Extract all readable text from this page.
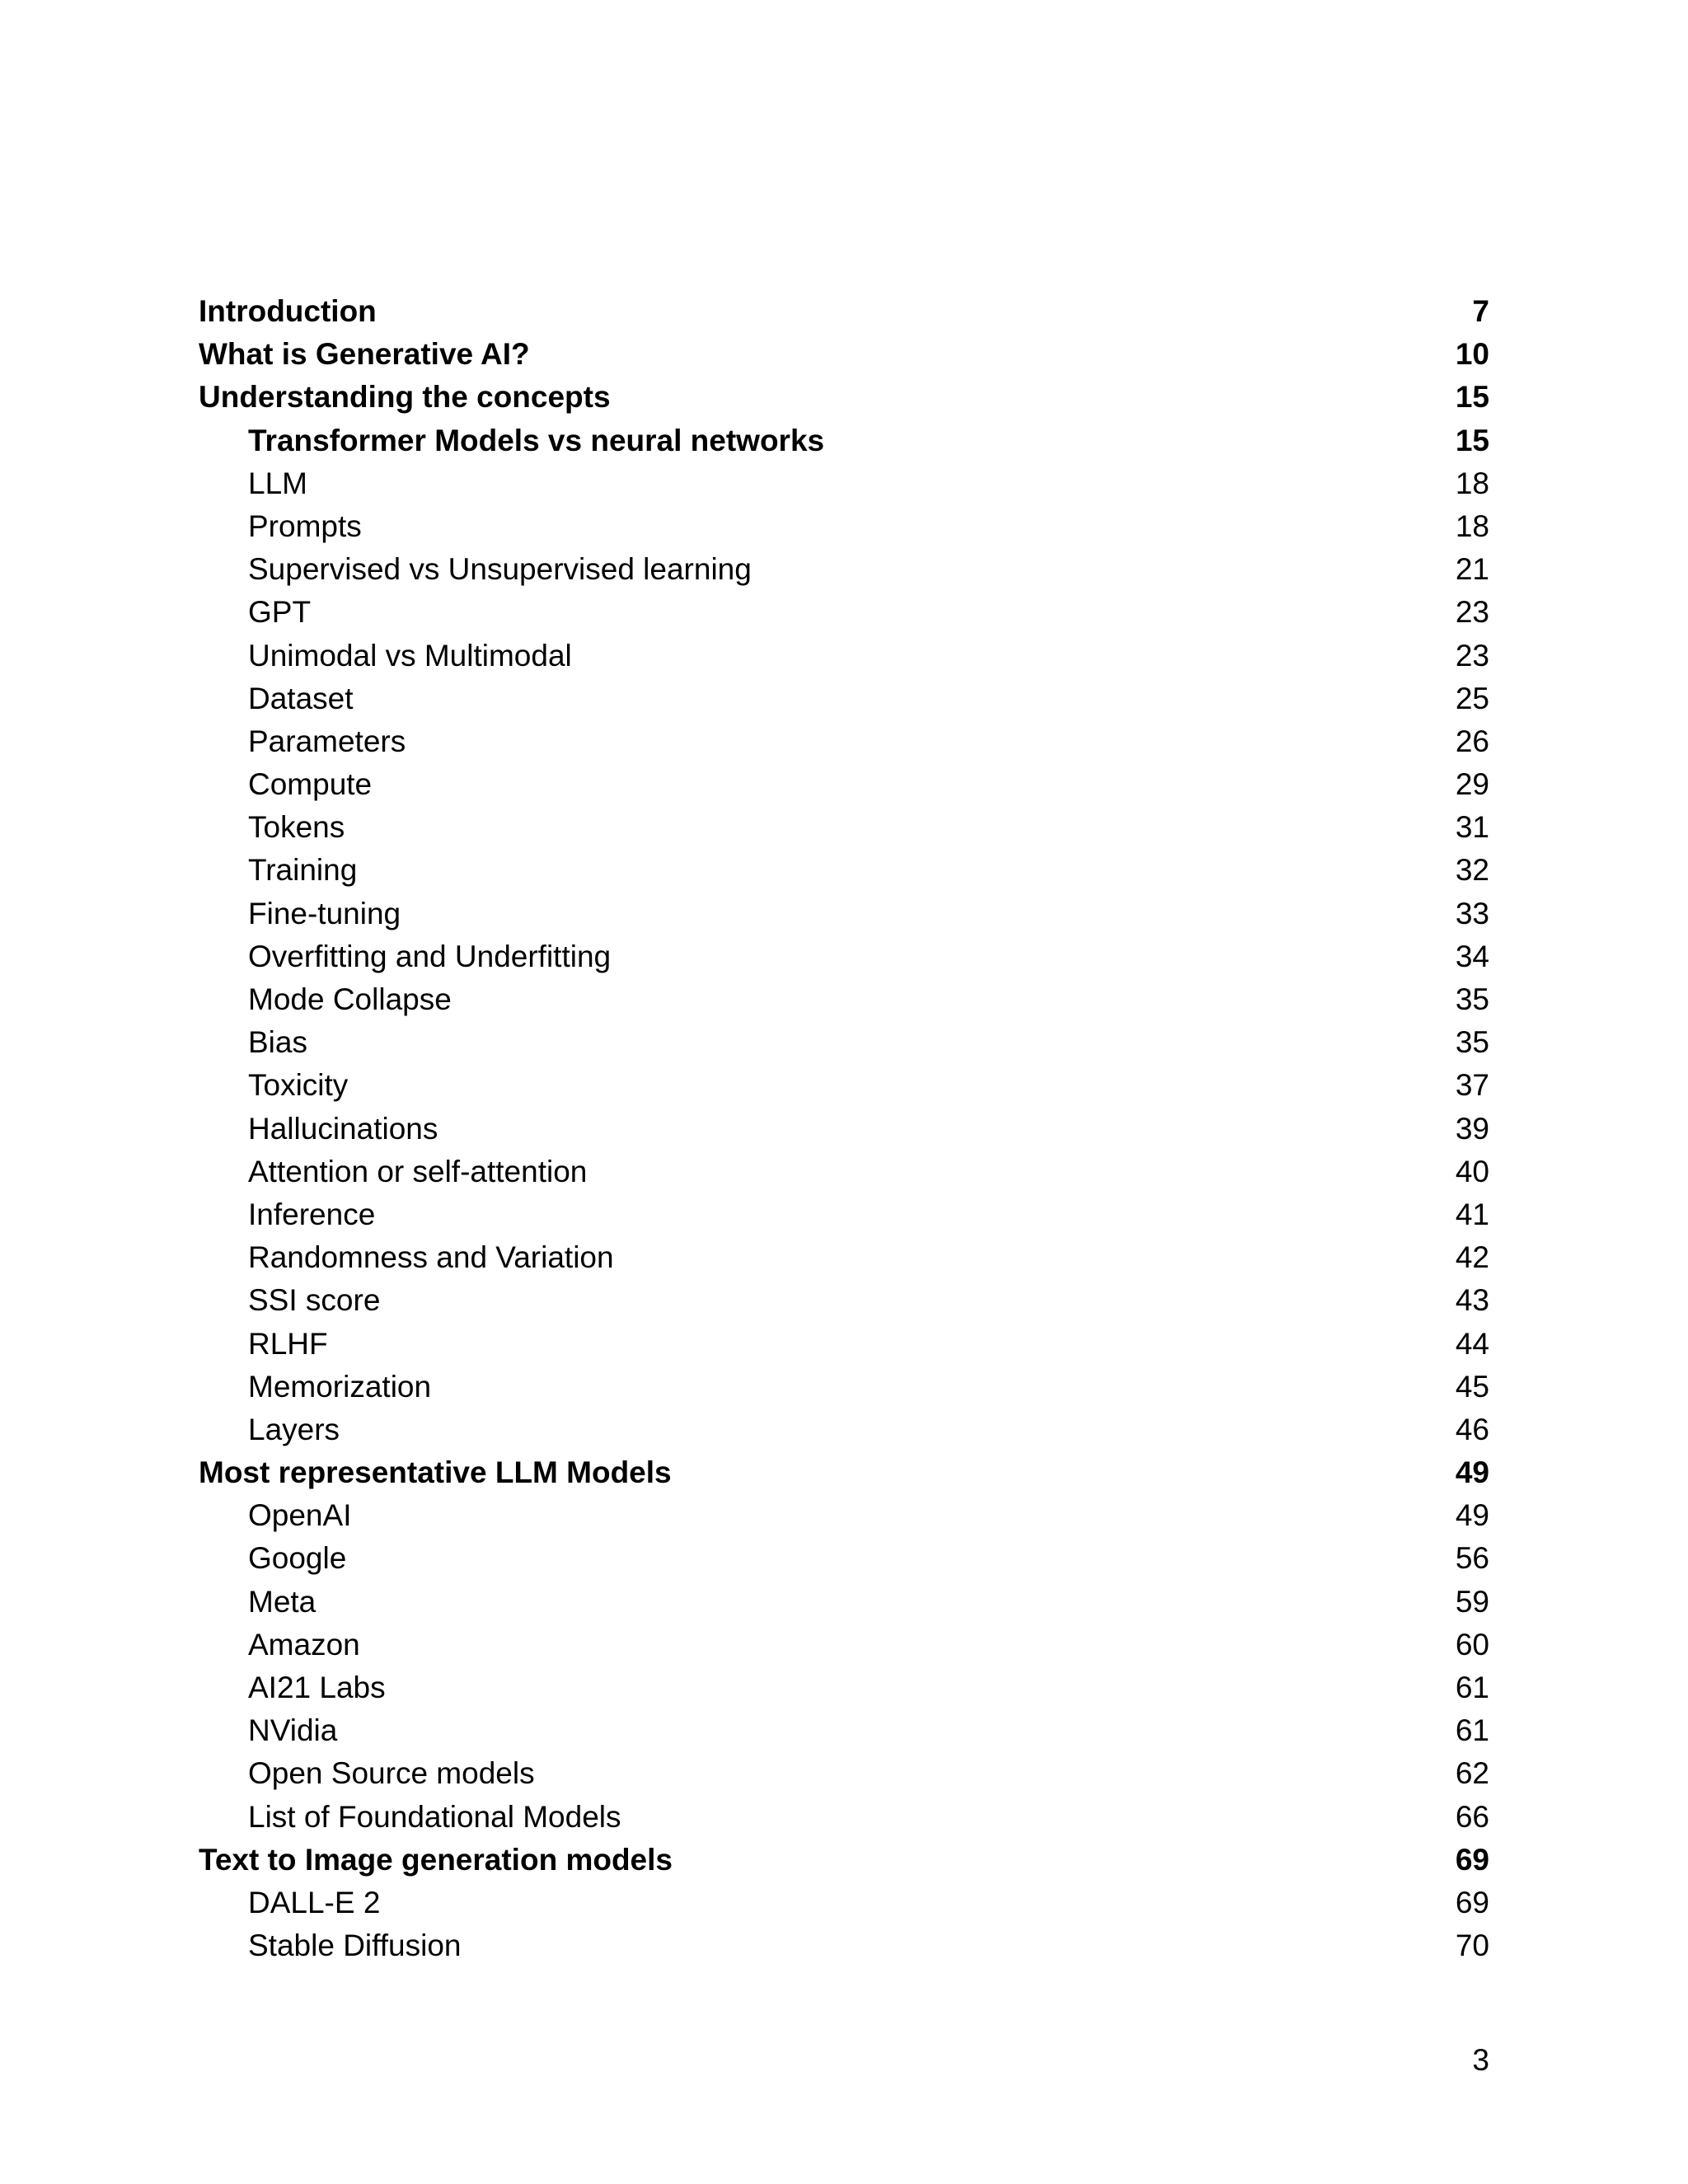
Introduction	7
What is Generative AI?	10
Understanding the concepts	15
Transformer Models vs neural networks	15
LLM	18
Prompts	18
Supervised vs Unsupervised learning	21
GPT	23
Unimodal vs Multimodal	23
Dataset	25
Parameters	26
Compute	29
Tokens	31
Training	32
Fine-tuning	33
Overfitting and Underfitting	34
Mode Collapse	35
Bias	35
Toxicity	37
Hallucinations	39
Attention or self-attention	40
Inference	41
Randomness and Variation	42
SSI score	43
RLHF	44
Memorization	45
Layers	46
Most representative LLM Models	49
OpenAI	49
Google	56
Meta	59
Amazon	60
AI21 Labs	61
NVidia	61
Open Source models	62
List of Foundational Models	66
Text to Image generation models	69
DALL-E 2	69
Stable Diffusion	70
3
